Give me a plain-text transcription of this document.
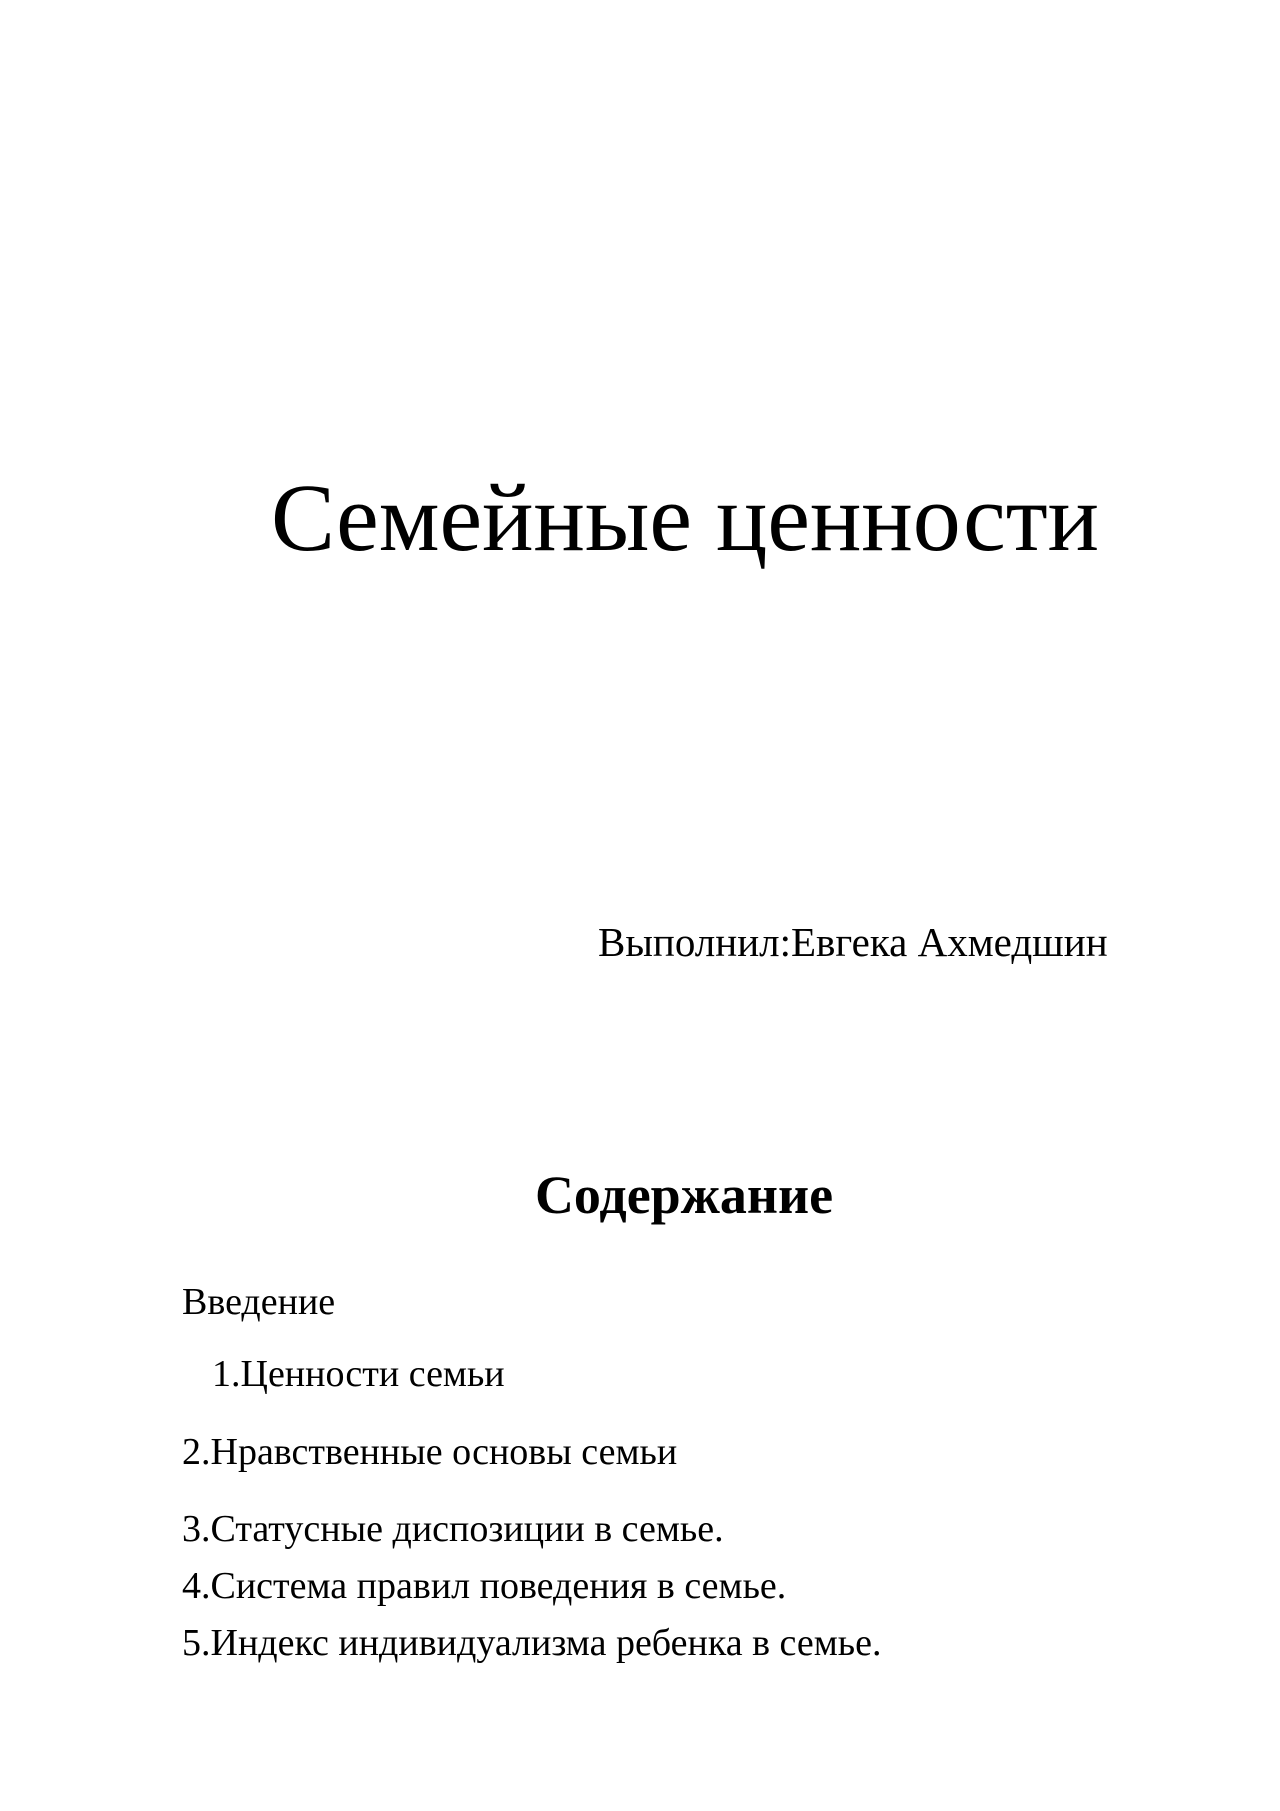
Семейные ценности
Выполнил:Евгека Ахмедшин
Содержание
Введение
1.Ценности семьи
2.Нравственные основы семьи
3.Статусные диспозиции в семье.
4.Система правил поведения в семье.
5.Индекс индивидуализма ребенка в семье.
